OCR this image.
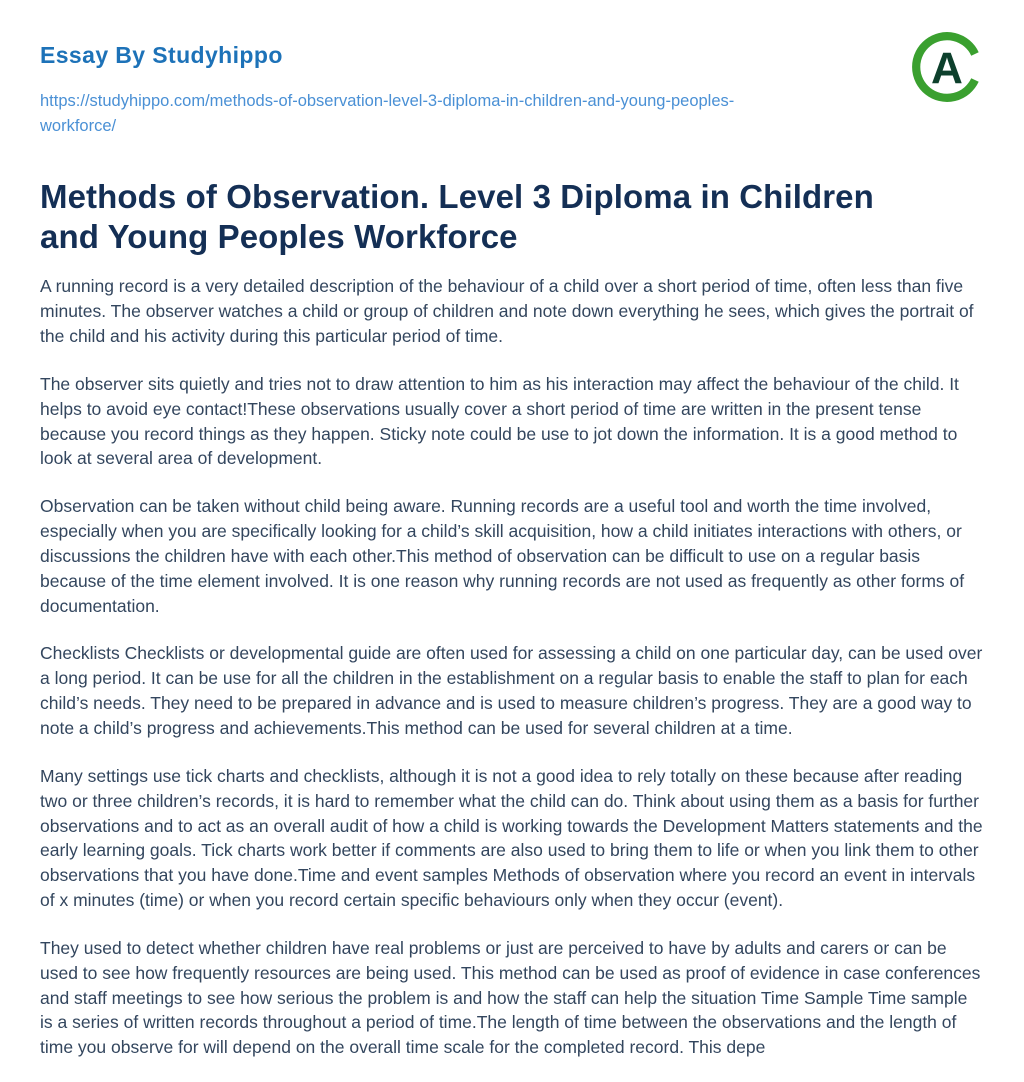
Essay By Studyhippo
https://studyhippo.com/methods-of-observation-level-3-diploma-in-children-and-young-peoples-workforce/
A
Methods of Observation. Level 3 Diploma in Children and Young Peoples Workforce

A running record is a very detailed description of the behaviour of a child over a short period of time, often less than five minutes. The observer watches a child or group of children and note down everything he sees, which gives the portrait of the child and his activity during this particular period of time.

The observer sits quietly and tries not to draw attention to him as his interaction may affect the behaviour of the child. It helps to avoid eye contact!These observations usually cover a short period of time are written in the present tense because you record things as they happen. Sticky note could be use to jot down the information. It is a good method to look at several area of development.

Observation can be taken without child being aware. Running records are a useful tool and worth the time involved, especially when you are specifically looking for a child’s skill acquisition, how a child initiates interactions with others, or discussions the children have with each other.This method of observation can be difficult to use on a regular basis because of the time element involved. It is one reason why running records are not used as frequently as other forms of documentation.

Checklists Checklists or developmental guide are often used for assessing a child on one particular day, can be used over a long period. It can be use for all the children in the establishment on a regular basis to enable the staff to plan for each child’s needs. They need to be prepared in advance and is used to measure children’s progress. They are a good way to note a child’s progress and achievements.This method can be used for several children at a time.

Many settings use tick charts and checklists, although it is not a good idea to rely totally on these because after reading two or three children’s records, it is hard to remember what the child can do. Think about using them as a basis for further observations and to act as an overall audit of how a child is working towards the Development Matters statements and the early learning goals. Tick charts work better if comments are also used to bring them to life or when you link them to other observations that you have done.Time and event samples Methods of observation where you record an event in intervals of x minutes (time) or when you record certain specific behaviours only when they occur (event).

They used to detect whether children have real problems or just are perceived to have by adults and carers or can be used to see how frequently resources are being used. This method can be used as proof of evidence in case conferences and staff meetings to see how serious the problem is and how the staff can help the situation Time Sample Time sample is a series of written records throughout a period of time.The length of time between the observations and the length of time you observe for will depend on the overall time scale for the completed record. This depe
